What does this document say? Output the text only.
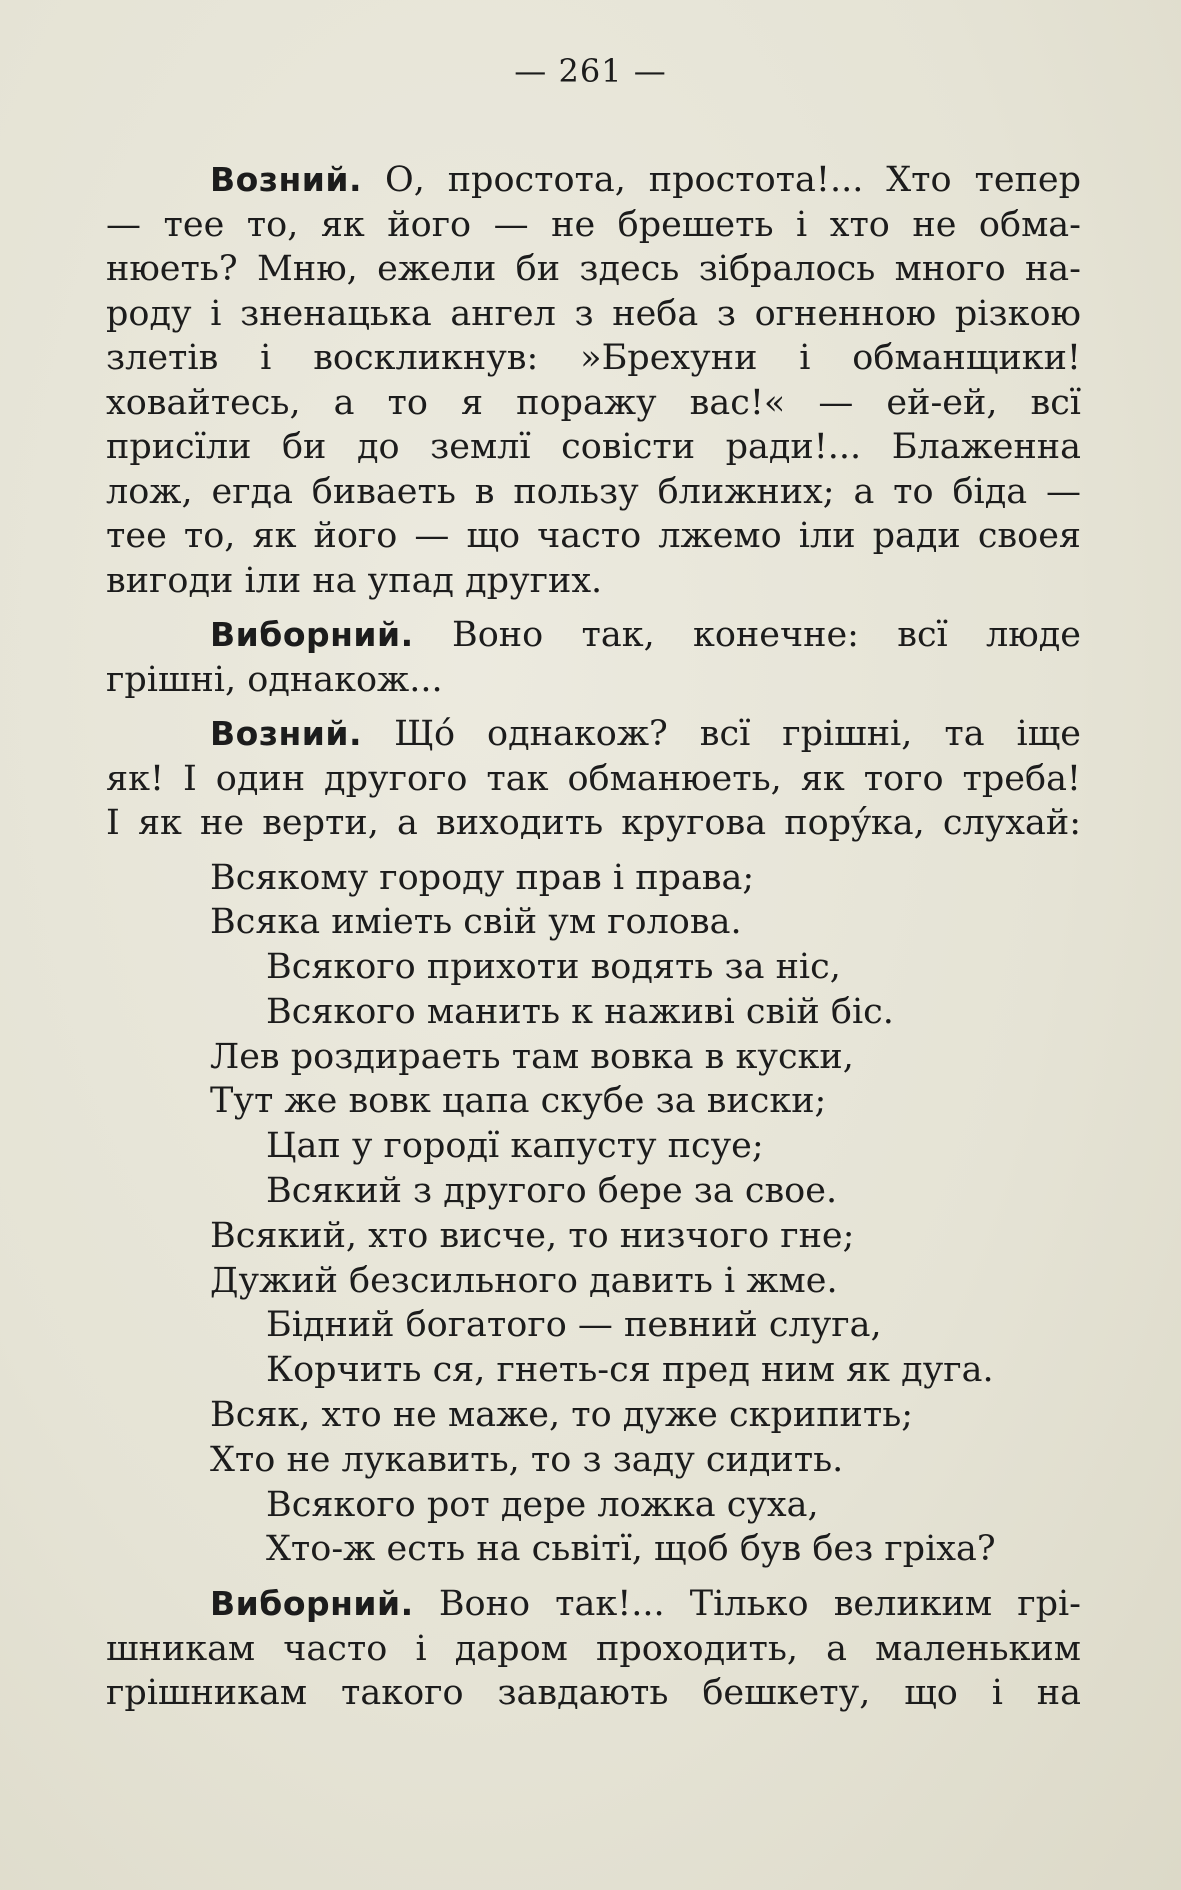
— 261 —
Возний. О, простота, простота!... Хто тепер
— тее то, як його — не брешеть і хто не обма-
нюеть? Мню, ежели би здесь зібралось много на-
роду і зненацька ангел з неба з огненною різкою
злетів і воскликнув: »Брехуни і обманщики!
ховайтесь, а то я поражу вас!« — ей-ей, всї
присїли би до землї совісти ради!... Блаженна
лож, егда биваеть в пользу ближних; а то біда —
тее то, як його — що часто лжемо іли ради своея
вигоди іли на упад других.
Виборний. Воно так, конечне: всї люде
грішні, однакож...
Возний. Щó однакож? всї грішні, та іще
як! І один другого так обманюеть, як того треба!
І як не верти, а виходить кругова порýка, слухай:
Всякому городу прав і права;
Всяка иміеть свій ум голова.
Всякого прихоти водять за ніс,
Всякого манить к наживі свій біс.
Лев роздираеть там вовка в куски,
Тут же вовк цапа скубе за виски;
Цап у городї капусту псуе;
Всякий з другого бере за свое.
Всякий, хто висче, то низчого гне;
Дужий безсильного давить і жме.
Бідний богатого — певний слуга,
Корчить ся, гнеть-ся пред ним як дуга.
Всяк, хто не маже, то дуже скрипить;
Хто не лукавить, то з заду сидить.
Всякого рот дере ложка суха,
Хто-ж есть на сьвітї, щоб був без гріха?
Виборний. Воно так!... Тілько великим грі-
шникам часто і даром проходить, а маленьким
грішникам такого завдають бешкету, що і на
